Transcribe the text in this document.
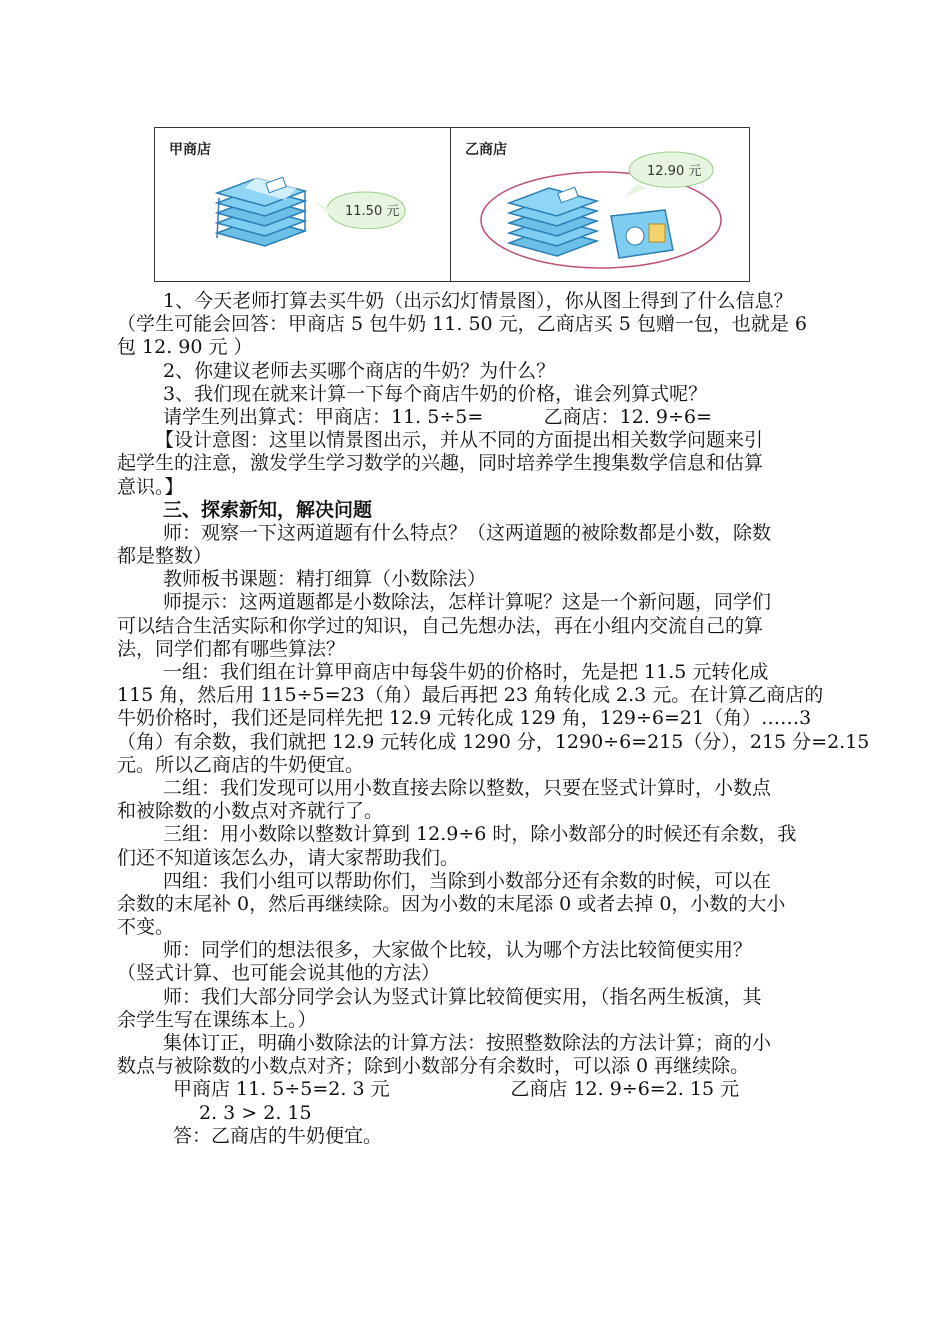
甲商店
11.50 元
乙商店
12.90 元
1、今天老师打算去买牛奶（出示幻灯情景图），你从图上得到了什么信息？
（学生可能会回答：甲商店 5 包牛奶 11. 50 元，乙商店买 5 包赠一包，也就是 6
包 12. 90 元 ）
2、你建议老师去买哪个商店的牛奶？为什么？
3、我们现在就来计算一下每个商店牛奶的价格，谁会列算式呢？
请学生列出算式：甲商店：11. 5÷5=          乙商店：12. 9÷6=
【设计意图：这里以情景图出示，并从不同的方面提出相关数学问题来引
起学生的注意，激发学生学习数学的兴趣，同时培养学生搜集数学信息和估算
意识。】
三、探索新知，解决问题
师：观察一下这两道题有什么特点？（这两道题的被除数都是小数，除数
都是整数）
教师板书课题：精打细算（小数除法）
师提示：这两道题都是小数除法，怎样计算呢？这是一个新问题，同学们
可以结合生活实际和你学过的知识，自己先想办法，再在小组内交流自己的算
法，同学们都有哪些算法？
一组：我们组在计算甲商店中每袋牛奶的价格时，先是把 11.5 元转化成
115 角，然后用 115÷5=23（角）最后再把 23 角转化成 2.3 元。在计算乙商店的
牛奶价格时，我们还是同样先把 12.9 元转化成 129 角，129÷6=21（角）……3
（角）有余数，我们就把 12.9 元转化成 1290 分，1290÷6=215（分），215 分=2.15
元。所以乙商店的牛奶便宜。
二组：我们发现可以用小数直接去除以整数，只要在竖式计算时，小数点
和被除数的小数点对齐就行了。
三组：用小数除以整数计算到 12.9÷6 时，除小数部分的时候还有余数，我
们还不知道该怎么办，请大家帮助我们。
四组：我们小组可以帮助你们，当除到小数部分还有余数的时候，可以在
余数的末尾补 0，然后再继续除。因为小数的末尾添 0 或者去掉 0，小数的大小
不变。
师：同学们的想法很多，大家做个比较，认为哪个方法比较简便实用？
（竖式计算、也可能会说其他的方法）
师：我们大部分同学会认为竖式计算比较简便实用，（指名两生板演，其
余学生写在课练本上。）
集体订正，明确小数除法的计算方法：按照整数除法的方法计算；商的小
数点与被除数的小数点对齐；除到小数部分有余数时，可以添 0 再继续除。
甲商店 11. 5÷5=2. 3 元                    乙商店 12. 9÷6=2. 15 元
2. 3 > 2. 15
答：乙商店的牛奶便宜。
